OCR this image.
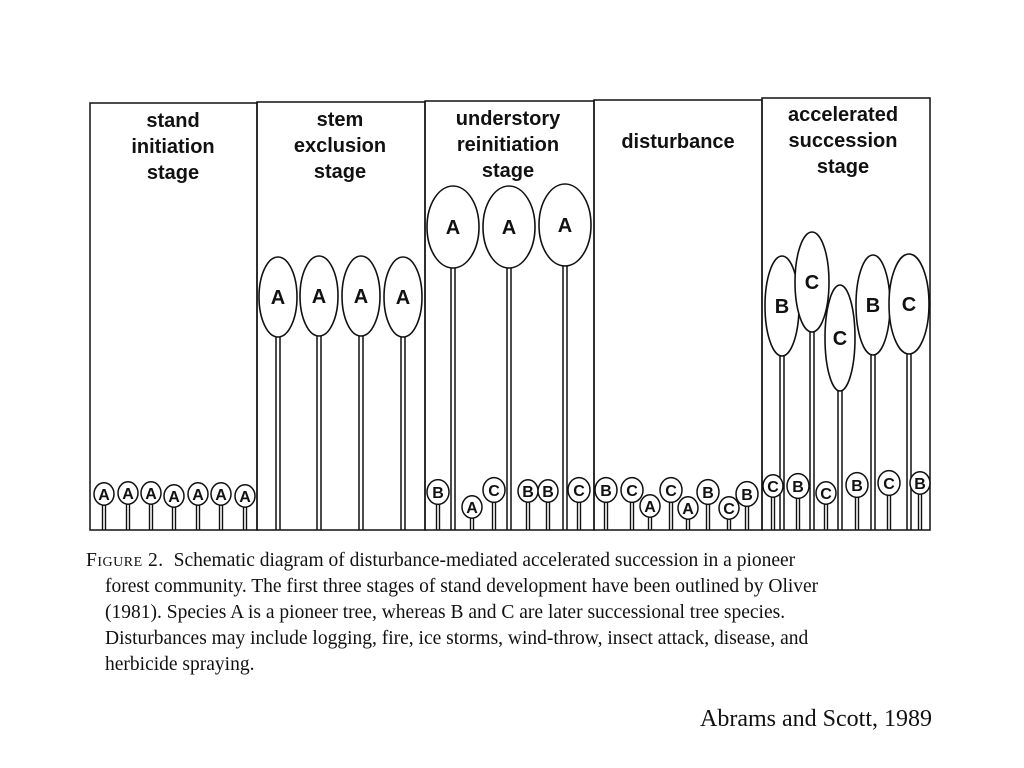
stand
initiation
stage
stem
exclusion
stage
understory
reinitiation
stage
disturbance
accelerated
succession
stage
A A A A A A A
A A A A
A A A
B
A
C B B C B C
A
C
A
B
C
B
B
C
C
B C
C B C B C B
Figure 2. Schematic diagram of disturbance-mediated accelerated succession in a pioneer
forest community. The first three stages of stand development have been outlined by Oliver
(1981). Species A is a pioneer tree, whereas B and C are later successional tree species.
Disturbances may include logging, fire, ice storms, wind-throw, insect attack, disease, and
herbicide spraying.
Abrams and Scott, 1989
